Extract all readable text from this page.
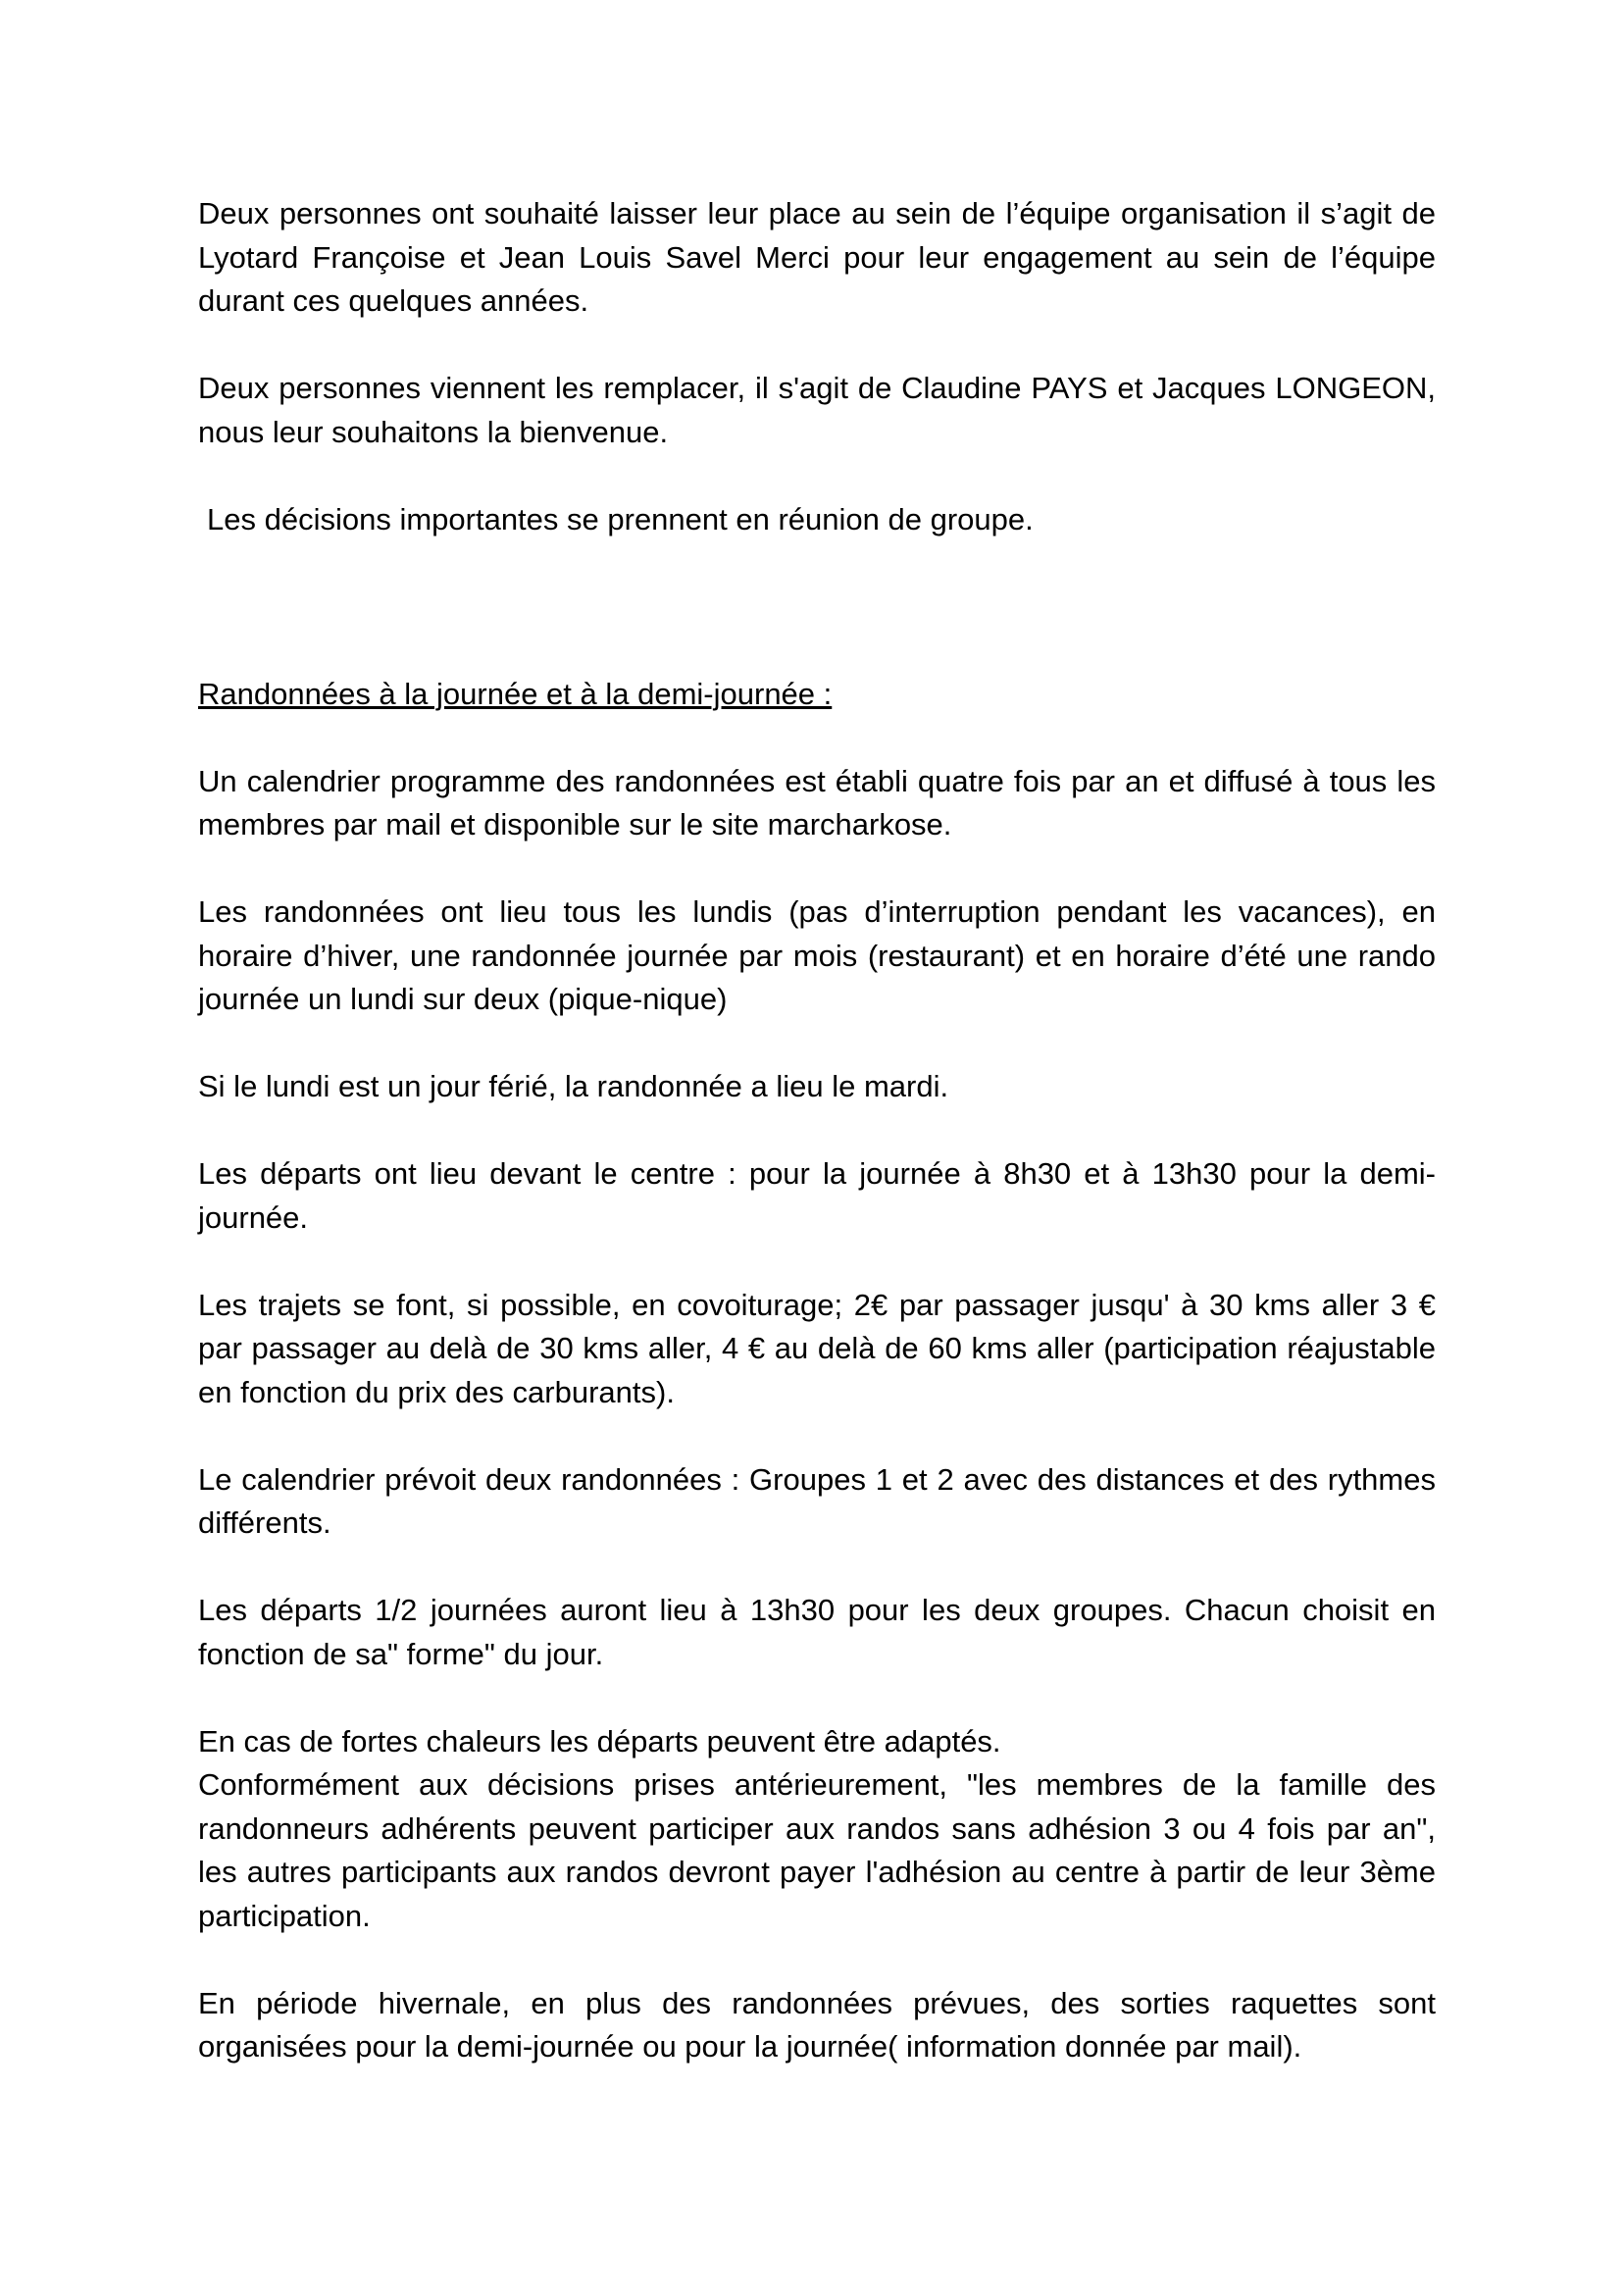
Deux personnes ont souhaité laisser leur place au sein de l’équipe organisation il s’agit de Lyotard Françoise et Jean Louis Savel Merci pour leur engagement au sein de l’équipe durant ces quelques années.

Deux personnes viennent les remplacer, il s'agit de Claudine PAYS et Jacques LONGEON, nous leur souhaitons la bienvenue.

Les décisions importantes se prennent en réunion de groupe.

Randonnées à la journée et à la demi-journée :

Un calendrier programme des randonnées est établi quatre fois par an et diffusé à tous les membres par mail et disponible sur le site marcharkose.

Les randonnées ont lieu tous les lundis (pas d’interruption pendant les vacances), en horaire d’hiver, une randonnée journée par mois (restaurant) et en horaire d’été une rando journée un lundi sur deux (pique-nique)

Si le lundi est un jour férié, la randonnée a lieu le mardi.

Les départs ont lieu devant le centre : pour la journée à 8h30 et à 13h30 pour la demi-journée.

Les trajets se font, si possible, en covoiturage; 2€ par passager jusqu' à 30 kms aller 3 € par passager au delà de 30 kms aller, 4 € au delà de 60 kms aller (participation réajustable en fonction du prix des carburants).

Le calendrier prévoit deux randonnées : Groupes 1 et 2 avec des distances et des rythmes différents.

Les départs 1/2 journées auront lieu à 13h30 pour les deux groupes. Chacun choisit en fonction de sa" forme" du jour.

En cas de fortes chaleurs les départs peuvent être adaptés.

Conformément aux décisions prises antérieurement, "les membres de la famille des randonneurs adhérents peuvent participer aux randos sans adhésion 3 ou 4 fois par an", les autres participants aux randos devront payer l'adhésion au centre à partir de leur 3ème participation.

En période hivernale, en plus des randonnées prévues, des sorties raquettes sont organisées pour la demi-journée ou pour la journée( information donnée par mail).
